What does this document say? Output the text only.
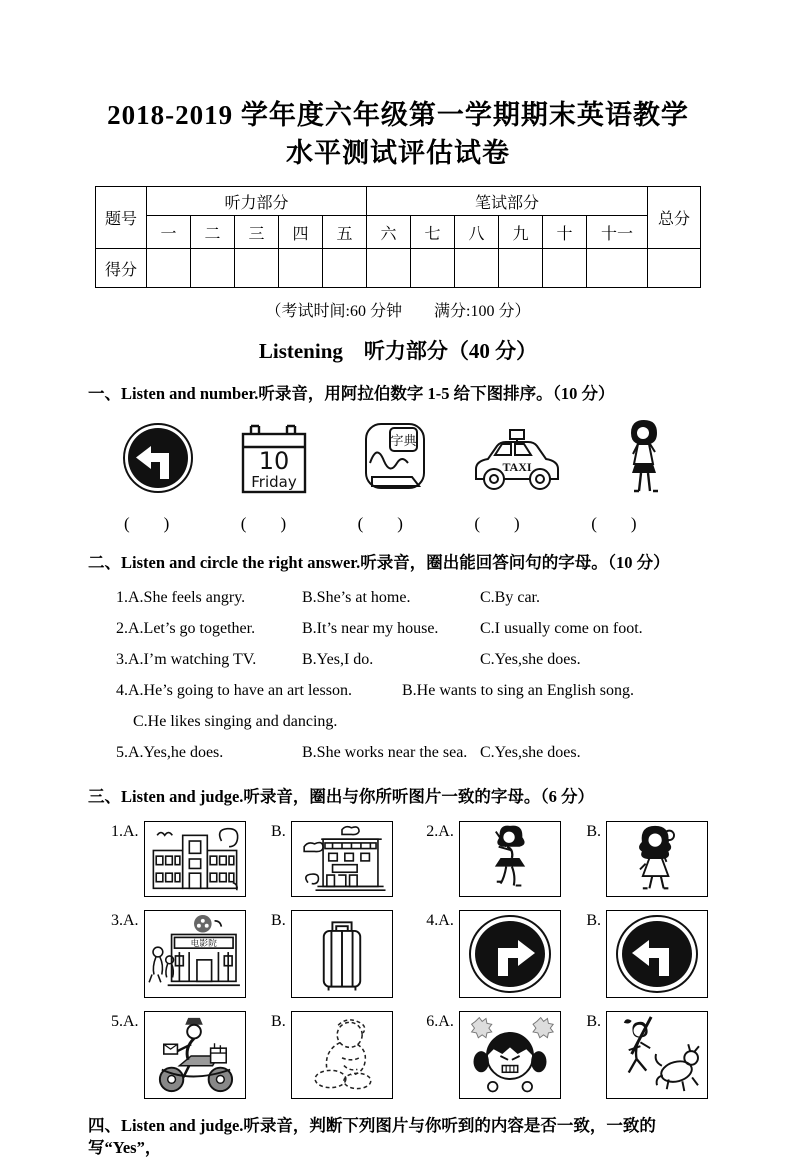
2018-2019 学年度六年级第一学期期末英语教学
水平测试评估试卷
题号	听力部分					笔试部分						总分
	一	二	三	四	五	六	七	八	九	十	十一	
得分												
（考试时间:60 分钟　　满分:100 分）
Listening　听力部分（40 分）
一、Listen and number.听录音，用阿拉伯数字 1-5 给下图排序。（10 分）
10
Friday
字典
TAXI
(　　)	(　　)	(　　)	(　　)	(　　)
二、Listen and circle the right answer.听录音，圈出能回答问句的字母。（10 分）
1.A.She feels angry.	B.She’s at home.	C.By car.
2.A.Let’s go together.	B.It’s near my house.	C.I usually come on foot.
3.A.I’m watching TV.	B.Yes,I do.	C.Yes,she does.
4.A.He’s going to have an art lesson.	B.He wants to sing an English song.
C.He likes singing and dancing.
5.A.Yes,he does.	B.She works near the sea. C.Yes,she does.
三、Listen and judge.听录音，圈出与你所听图片一致的字母。（6 分）
1.A.	B.	2.A.	B.
3.A.
电影院
B.	4.A.	B.
5.A.	B.	6.A.	B.
四、Listen and judge.听录音，判断下列图片与你听到的内容是否一致，一致的写“Yes”，
